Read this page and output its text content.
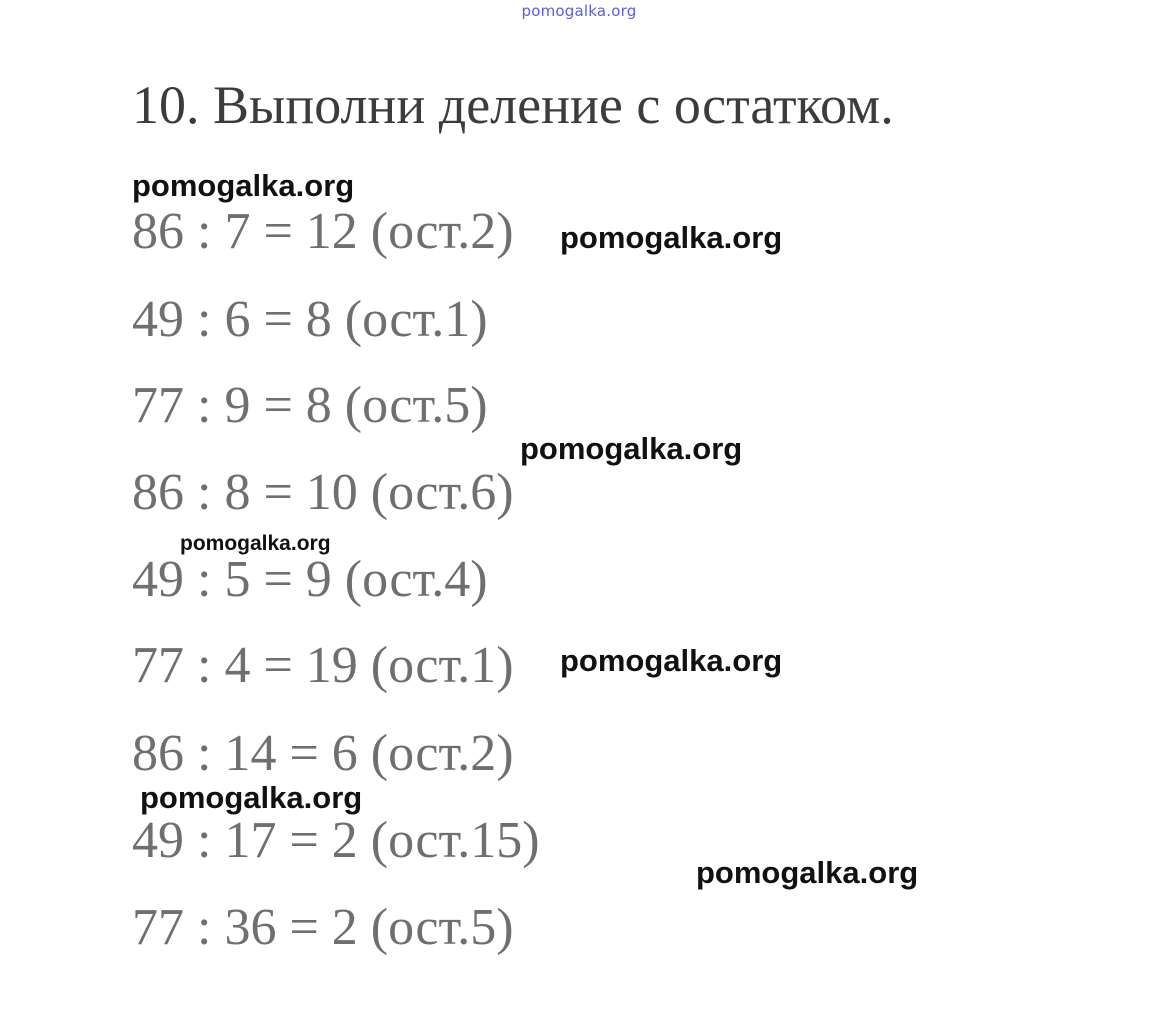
pomogalka.org
10. Выполни деление с остатком.
86 : 7 = 12 (ост.2)
49 : 6 = 8 (ост.1)
77 : 9 = 8 (ост.5)
86 : 8 = 10 (ост.6)
49 : 5 = 9 (ост.4)
77 : 4 = 19 (ост.1)
86 : 14 = 6 (ост.2)
49 : 17 = 2 (ост.15)
77 : 36 = 2 (ост.5)
pomogalka.org
pomogalka.org
pomogalka.org
pomogalka.org
pomogalka.org
pomogalka.org
pomogalka.org
